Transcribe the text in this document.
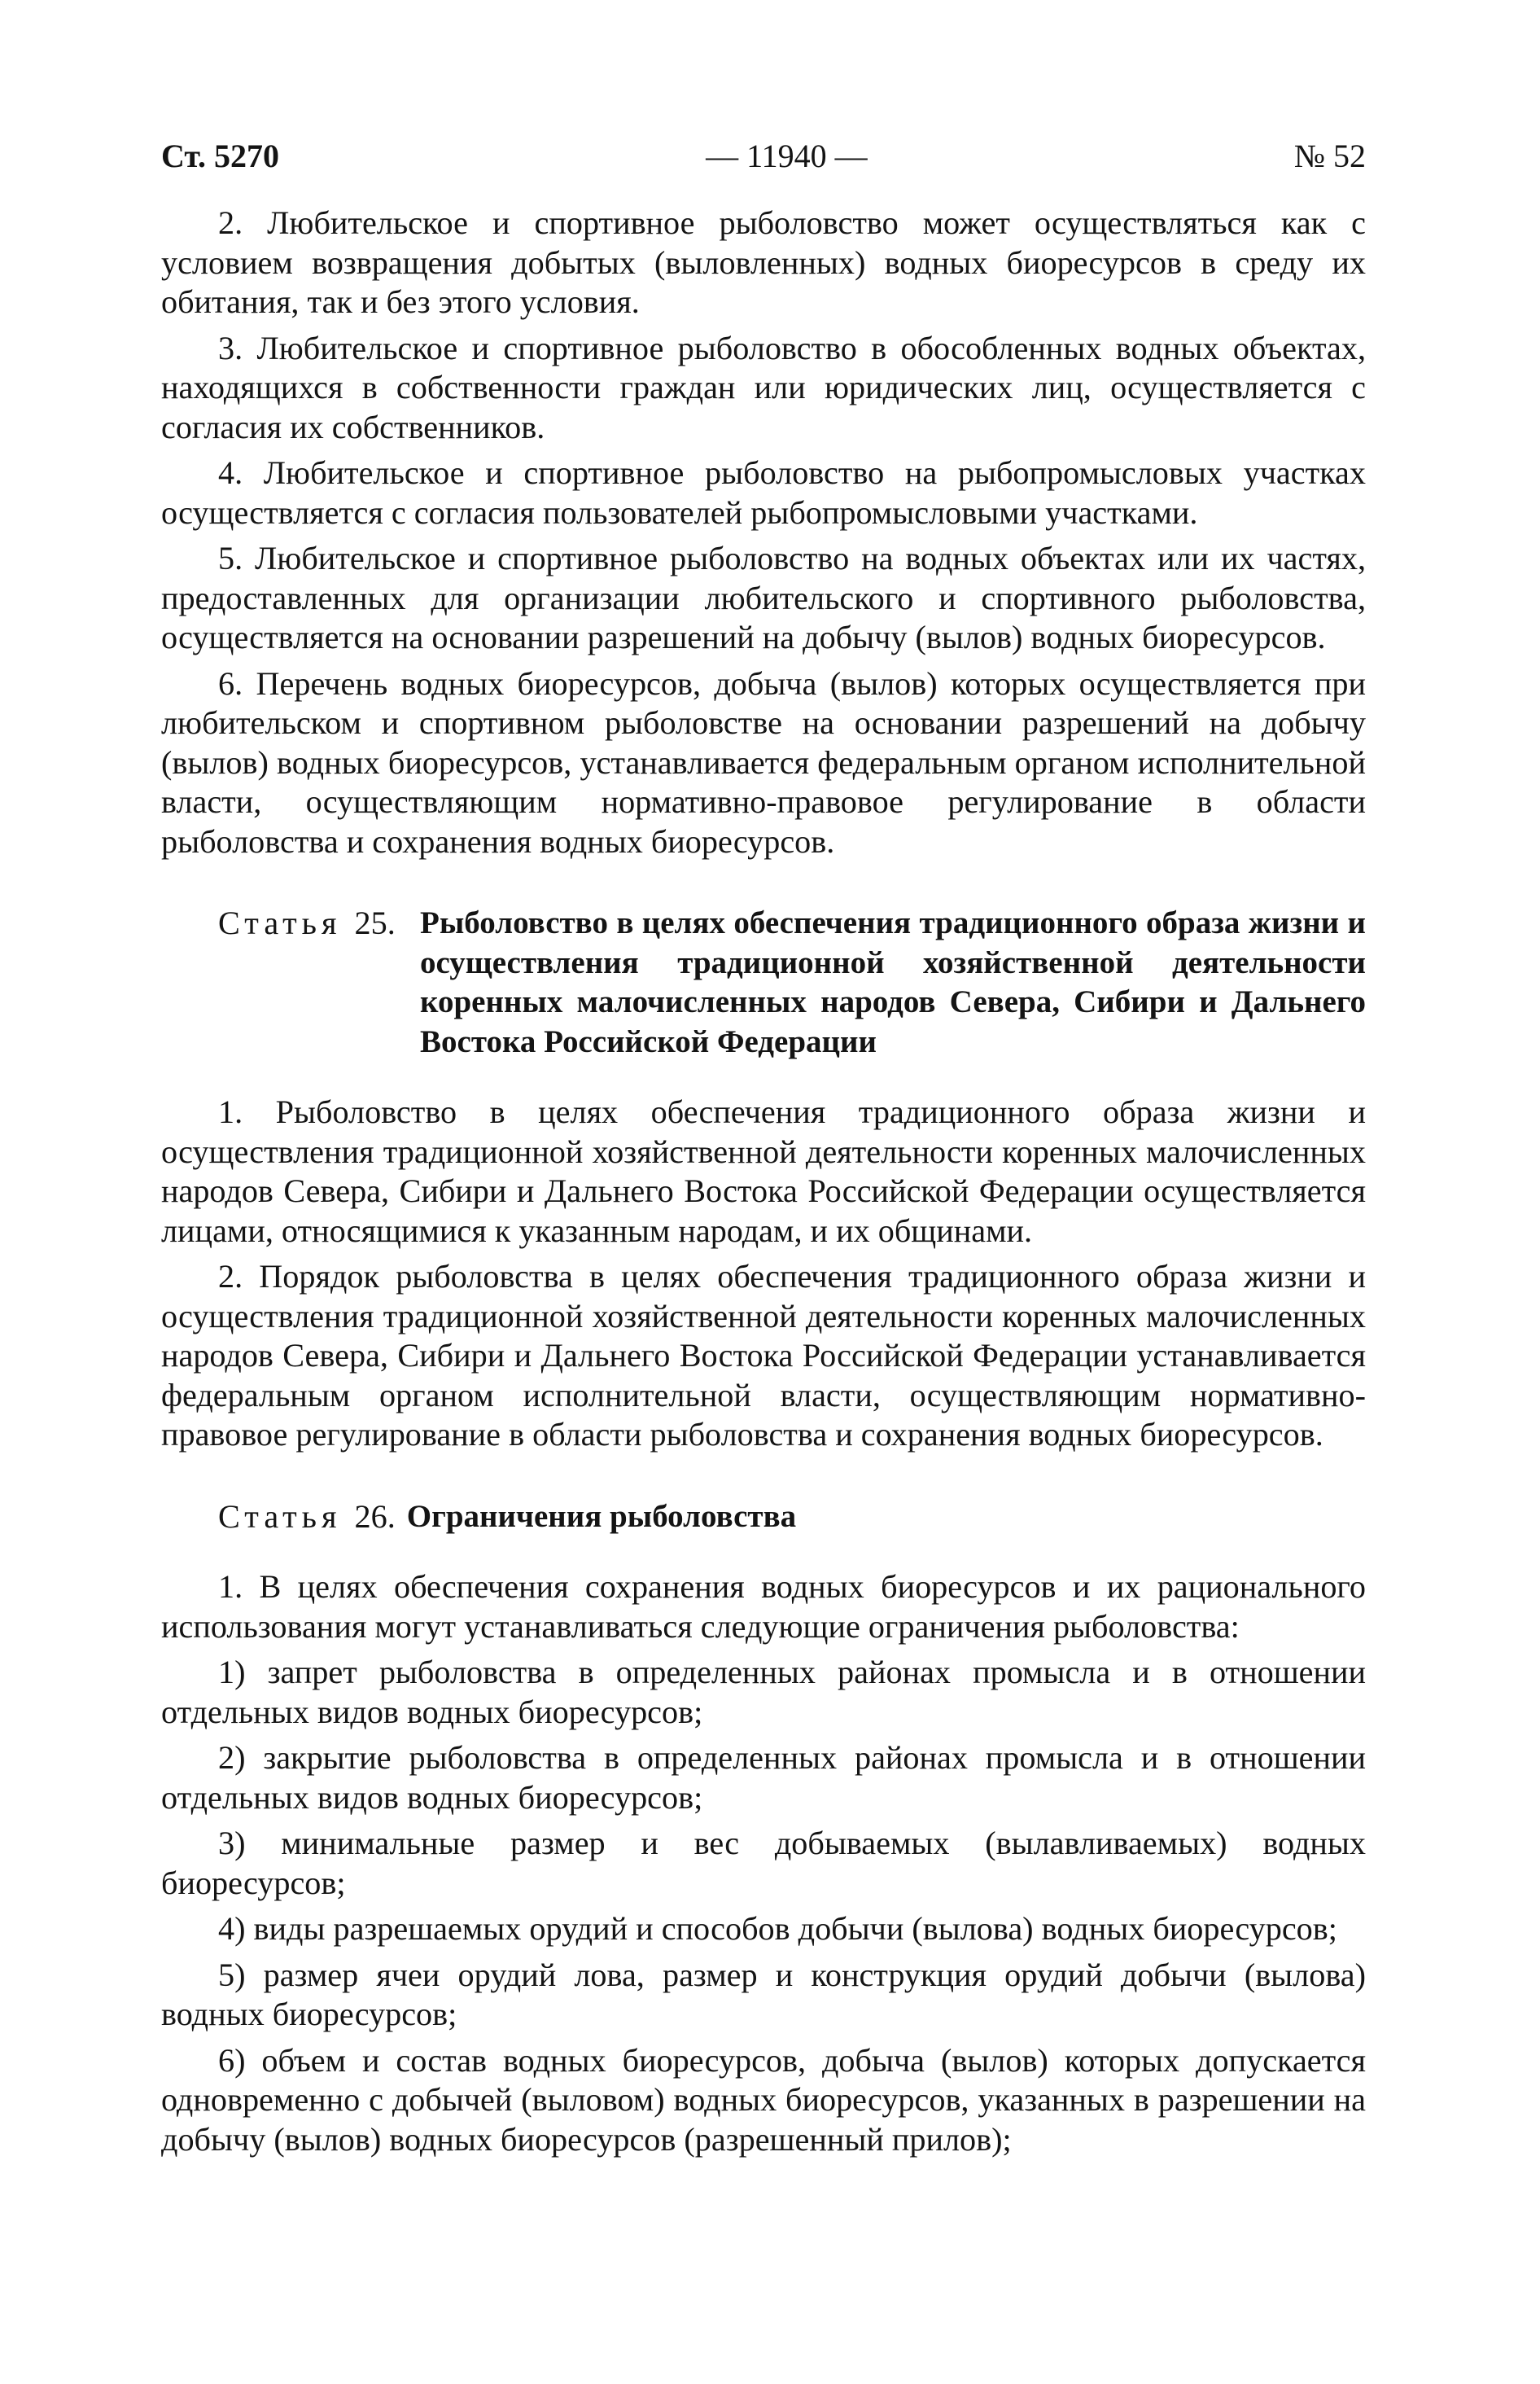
Ст. 5270	— 11940 —	№ 52

2. Любительское и спортивное рыболовство может осуществляться как с условием возвращения добытых (выловленных) водных биоресурсов в среду их обитания, так и без этого условия.

3. Любительское и спортивное рыболовство в обособленных водных объектах, находящихся в собственности граждан или юридических лиц, осуществляется с согласия их собственников.

4. Любительское и спортивное рыболовство на рыбопромысловых участках осуществляется с согласия пользователей рыбопромысловыми участками.

5. Любительское и спортивное рыболовство на водных объектах или их частях, предоставленных для организации любительского и спортивного рыболовства, осуществляется на основании разрешений на добычу (вылов) водных биоресурсов.

6. Перечень водных биоресурсов, добыча (вылов) которых осуществляется при любительском и спортивном рыболовстве на основании разрешений на добычу (вылов) водных биоресурсов, устанавливается федеральным органом исполнительной власти, осуществляющим нормативно-правовое регулирование в области рыболовства и сохранения водных биоресурсов.

Статья 25. Рыболовство в целях обеспечения традиционного образа жизни и осуществления традиционной хозяйственной деятельности коренных малочисленных народов Севера, Сибири и Дальнего Востока Российской Федерации

1. Рыболовство в целях обеспечения традиционного образа жизни и осуществления традиционной хозяйственной деятельности коренных малочисленных народов Севера, Сибири и Дальнего Востока Российской Федерации осуществляется лицами, относящимися к указанным народам, и их общинами.

2. Порядок рыболовства в целях обеспечения традиционного образа жизни и осуществления традиционной хозяйственной деятельности коренных малочисленных народов Севера, Сибири и Дальнего Востока Российской Федерации устанавливается федеральным органом исполнительной власти, осуществляющим нормативно-правовое регулирование в области рыболовства и сохранения водных биоресурсов.

Статья 26. Ограничения рыболовства

1. В целях обеспечения сохранения водных биоресурсов и их рационального использования могут устанавливаться следующие ограничения рыболовства:

1) запрет рыболовства в определенных районах промысла и в отношении отдельных видов водных биоресурсов;

2) закрытие рыболовства в определенных районах промысла и в отношении отдельных видов водных биоресурсов;

3) минимальные размер и вес добываемых (вылавливаемых) водных биоресурсов;

4) виды разрешаемых орудий и способов добычи (вылова) водных биоресурсов;

5) размер ячеи орудий лова, размер и конструкция орудий добычи (вылова) водных биоресурсов;

6) объем и состав водных биоресурсов, добыча (вылов) которых допускается одновременно с добычей (выловом) водных биоресурсов, указанных в разрешении на добычу (вылов) водных биоресурсов (разрешенный прилов);
